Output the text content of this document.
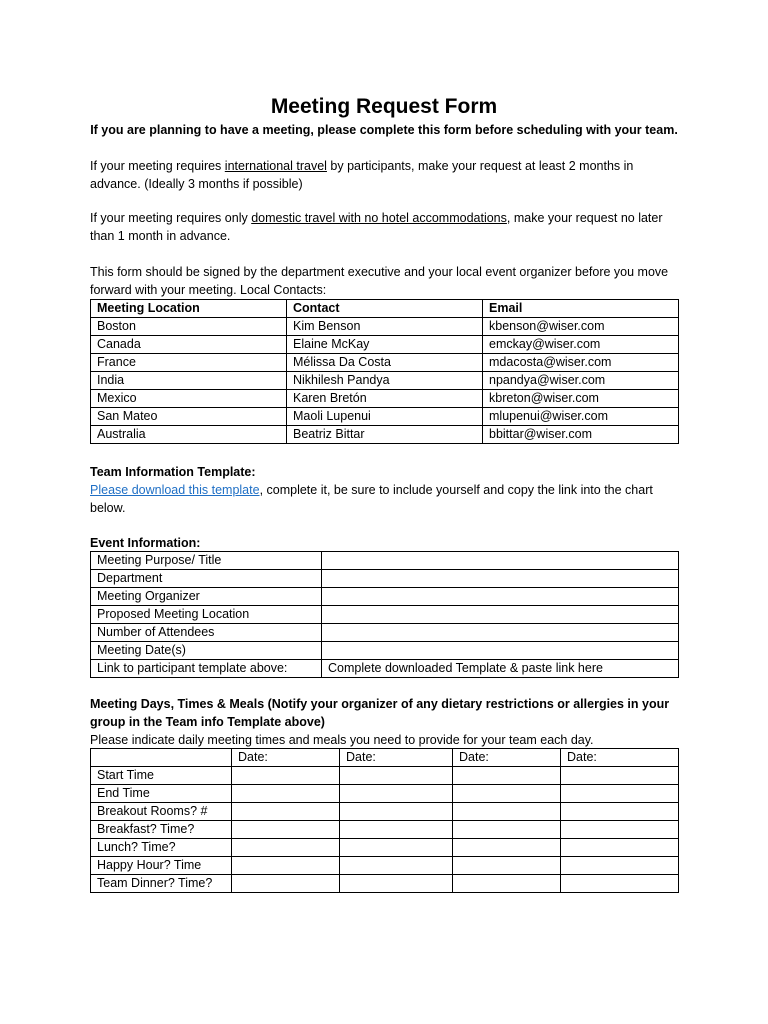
Meeting Request Form
If you are planning to have a meeting, please complete this form before scheduling with your team.
If your meeting requires international travel by participants, make your request at least 2 months in advance. (Ideally 3 months if possible)
If your meeting requires only domestic travel with no hotel accommodations, make your request no later than 1 month in advance.
This form should be signed by the department executive and your local event organizer before you move forward with your meeting. Local Contacts:
Meeting Location	Contact	Email
Boston	Kim Benson	kbenson@wiser.com
Canada	Elaine McKay	emckay@wiser.com
France	Mélissa Da Costa	mdacosta@wiser.com
India	Nikhilesh Pandya	npandya@wiser.com
Mexico	Karen Bretón	kbreton@wiser.com
San Mateo	Maoli Lupenui	mlupenui@wiser.com
Australia	Beatriz Bittar	bbittar@wiser.com
Team Information Template:
Please download this template, complete it, be sure to include yourself and copy the link into the chart below.
Event Information:
Meeting Purpose/ Title	
Department	
Meeting Organizer	
Proposed Meeting Location	
Number of Attendees	
Meeting Date(s)	
Link to participant template above:	Complete downloaded Template & paste link here
Meeting Days, Times & Meals (Notify your organizer of any dietary restrictions or allergies in your group in the Team info Template above)
Please indicate daily meeting times and meals you need to provide for your team each day.
	Date:	Date:	Date:	Date:
Start Time				
End Time				
Breakout Rooms? #				
Breakfast? Time?				
Lunch? Time?				
Happy Hour? Time				
Team Dinner? Time?				
